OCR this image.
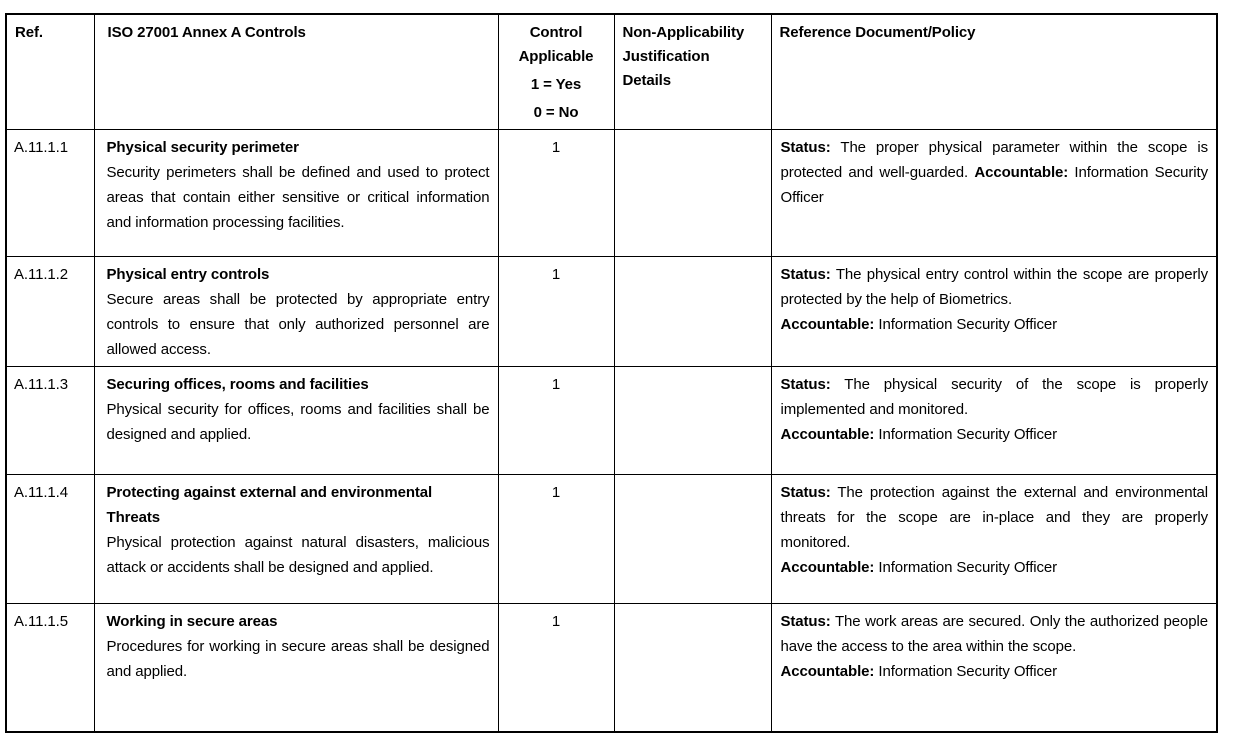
Ref.	ISO 27001 Annex A Controls	Control
Applicable
1 = Yes
0 = No	Non-Applicability
Justification
Details	Reference Document/Policy
A.11.1.1	Physical security perimeter
Security perimeters shall be defined and used to protect areas that contain either sensitive or critical information and information processing facilities.	1		Status: The proper physical parameter within the scope is protected and well-guarded. Accountable: Information Security Officer

A.11.1.2	Physical entry controls
Secure areas shall be protected by appropriate entry controls to ensure that only authorized personnel are allowed access.
	1		Status: The physical entry control within the scope are properly protected by the help of Biometrics.
Accountable: Information Security Officer

A.11.1.3	Securing offices, rooms and facilities
Physical security for offices, rooms and facilities shall be designed and applied.
	1		Status: The physical security of the scope is properly implemented and monitored.
Accountable: Information Security Officer

A.11.1.4	Protecting against external and environmental Threats
Physical protection against natural disasters, malicious attack or accidents shall be designed and applied.
	1		Status: The protection against the external and environmental threats for the scope are in-place and they are properly monitored.
Accountable: Information Security Officer

A.11.1.5	Working in secure areas
Procedures for working in secure areas shall be designed and applied.
	1		Status: The work areas are secured. Only the authorized people have the access to the area within the scope.
Accountable: Information Security Officer
